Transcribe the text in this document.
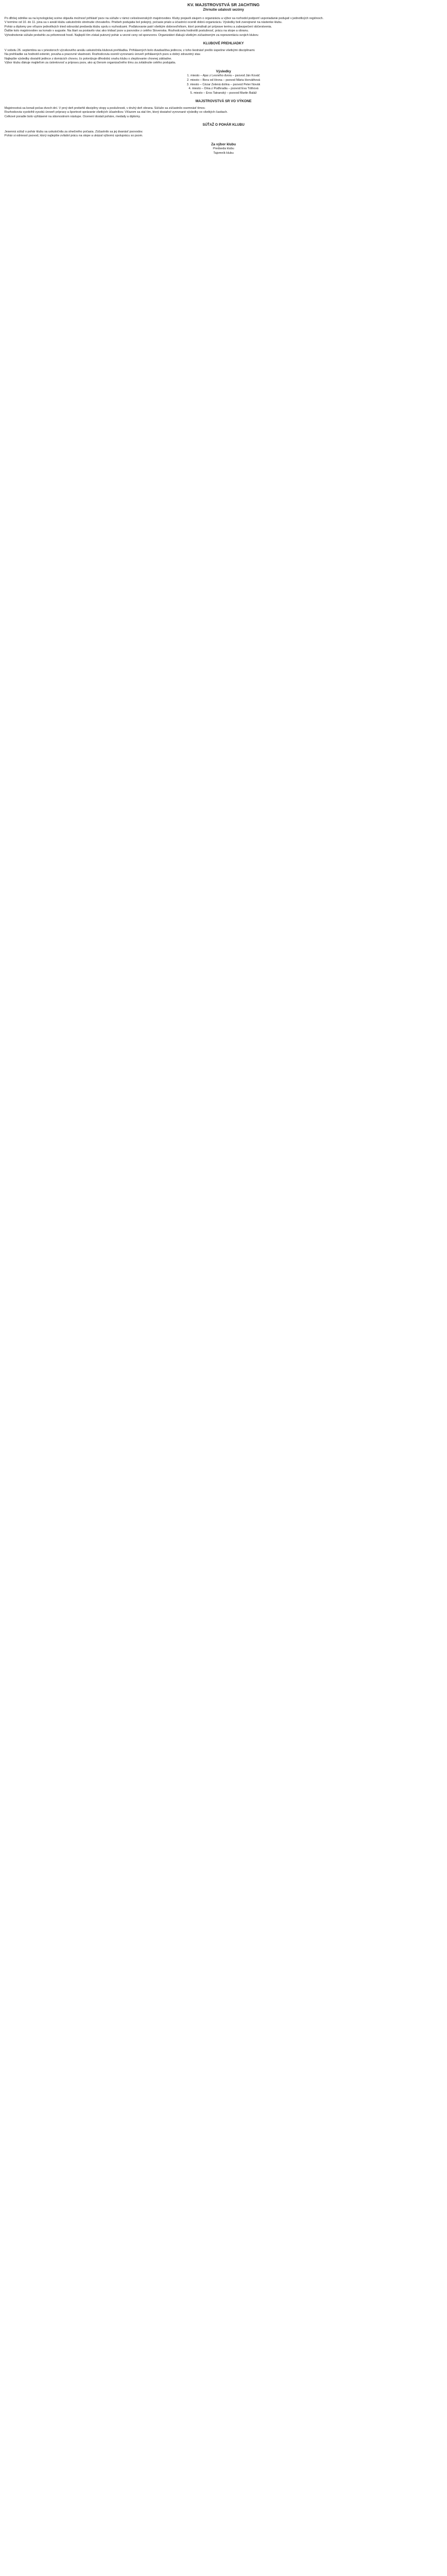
KV. MAJSTROVSTVÁ SR JACHTING
Zhrnutie udalostí sezóny

Po dlhšej odmlke sa na kynologickej scéne objavila možnosť prihlásiť psov na súťaže v rámci celoslovenských majstrovstiev. Kluby prejavili záujem o organizáciu a výbor sa rozhodol podporiť usporiadanie podujatí v jednotlivých regiónoch.

V termíne od 10. do 11. júna sa v areáli klubu uskutočnilo stretnutie chovateľov. Priebeh podujatia bol pokojný, počasie prialo a účastníci ocenili dobrú organizáciu. Výsledky boli zverejnené na nástenke klubu.

Pohár a diplomy pre víťazov jednotlivých tried odovzdal predseda klubu spolu s rozhodcami. Poďakovanie patrí všetkým dobrovoľníkom, ktorí pomáhali pri príprave terénu a zabezpečení občerstvenia.

Ďalšie kolo majstrovstiev sa konalo v auguste. Na štart sa postavilo viac ako tridsať psov a psovodov z celého Slovenska. Rozhodcovia hodnotili poslušnosť, prácu na stope a obranu.

Vyhodnotenie súťaže prebehlo za prítomnosti hostí. Najlepší tím získal putovný pohár a vecné ceny od sponzorov. Organizátori ďakujú všetkým zúčastneným za reprezentáciu svojich klubov.

KLUBOVÉ PREHLIADKY

V sobotu 26. septembra sa v priestoroch výcvikového areálu uskutočnila klubová prehliadka. Prihlásených bolo dvadsaťdva jedincov, z toho šestnásť prešlo úspešne všetkými disciplínami.

Na prehliadke sa hodnotil exteriér, povaha a pracovné vlastnosti. Rozhodcovia ocenili vyrovnanú úroveň prihlásených psov a dobrý zdravotný stav.

Najlepšie výsledky dosiahli jedince z domácich chovov, čo potvrdzuje dlhodobú snahu klubu o zlepšovanie chovnej základne.

Výbor klubu ďakuje majiteľom za ústretovosť a prípravu psov, ako aj členom organizačného tímu za zvládnutie celého podujatia.

Výsledky

1. miesto – Ajax z Lesného dvora – psovod Ján Kováč

2. miesto – Bora od Hrona – psovod Mária Horváthová

3. miesto – Cézar Zelená dolina – psovod Peter Novák

4. miesto – Dina z Podhradia – psovod Eva Tóthová

5. miesto – Eros Tatranský – psovod Martin Baláž

MAJSTROVSTVÁ SR VO VÝKONE

Majstrovstvá sa konali počas dvoch dní. V prvý deň prebehli disciplíny stopy a poslušnosti, v druhý deň obrana. Súťaže sa zúčastnilo osemnásť tímov.

Rozhodcovia vyzdvihli vysokú úroveň prípravy a športové správanie všetkých účastníkov. Víťazom sa stal tím, ktorý dosiahol vyrovnané výsledky vo všetkých častiach.

Celkové poradie bolo vyhlásené na slávnostnom nástupe. Ocenení dostali poháre, medaily a diplomy.

SÚŤAŽ O POHÁR KLUBU

Jesenná súťaž o pohár klubu sa uskutočnila za slnečného počasia. Zúčastnilo sa jej dvanásť psovodov.

Pohár si odniesol psovod, ktorý najlepšie zvládol prácu na stope a ukázal výbornú spoluprácu so psom.

Za výbor klubu

Predseda klubu

Tajomník klubu
